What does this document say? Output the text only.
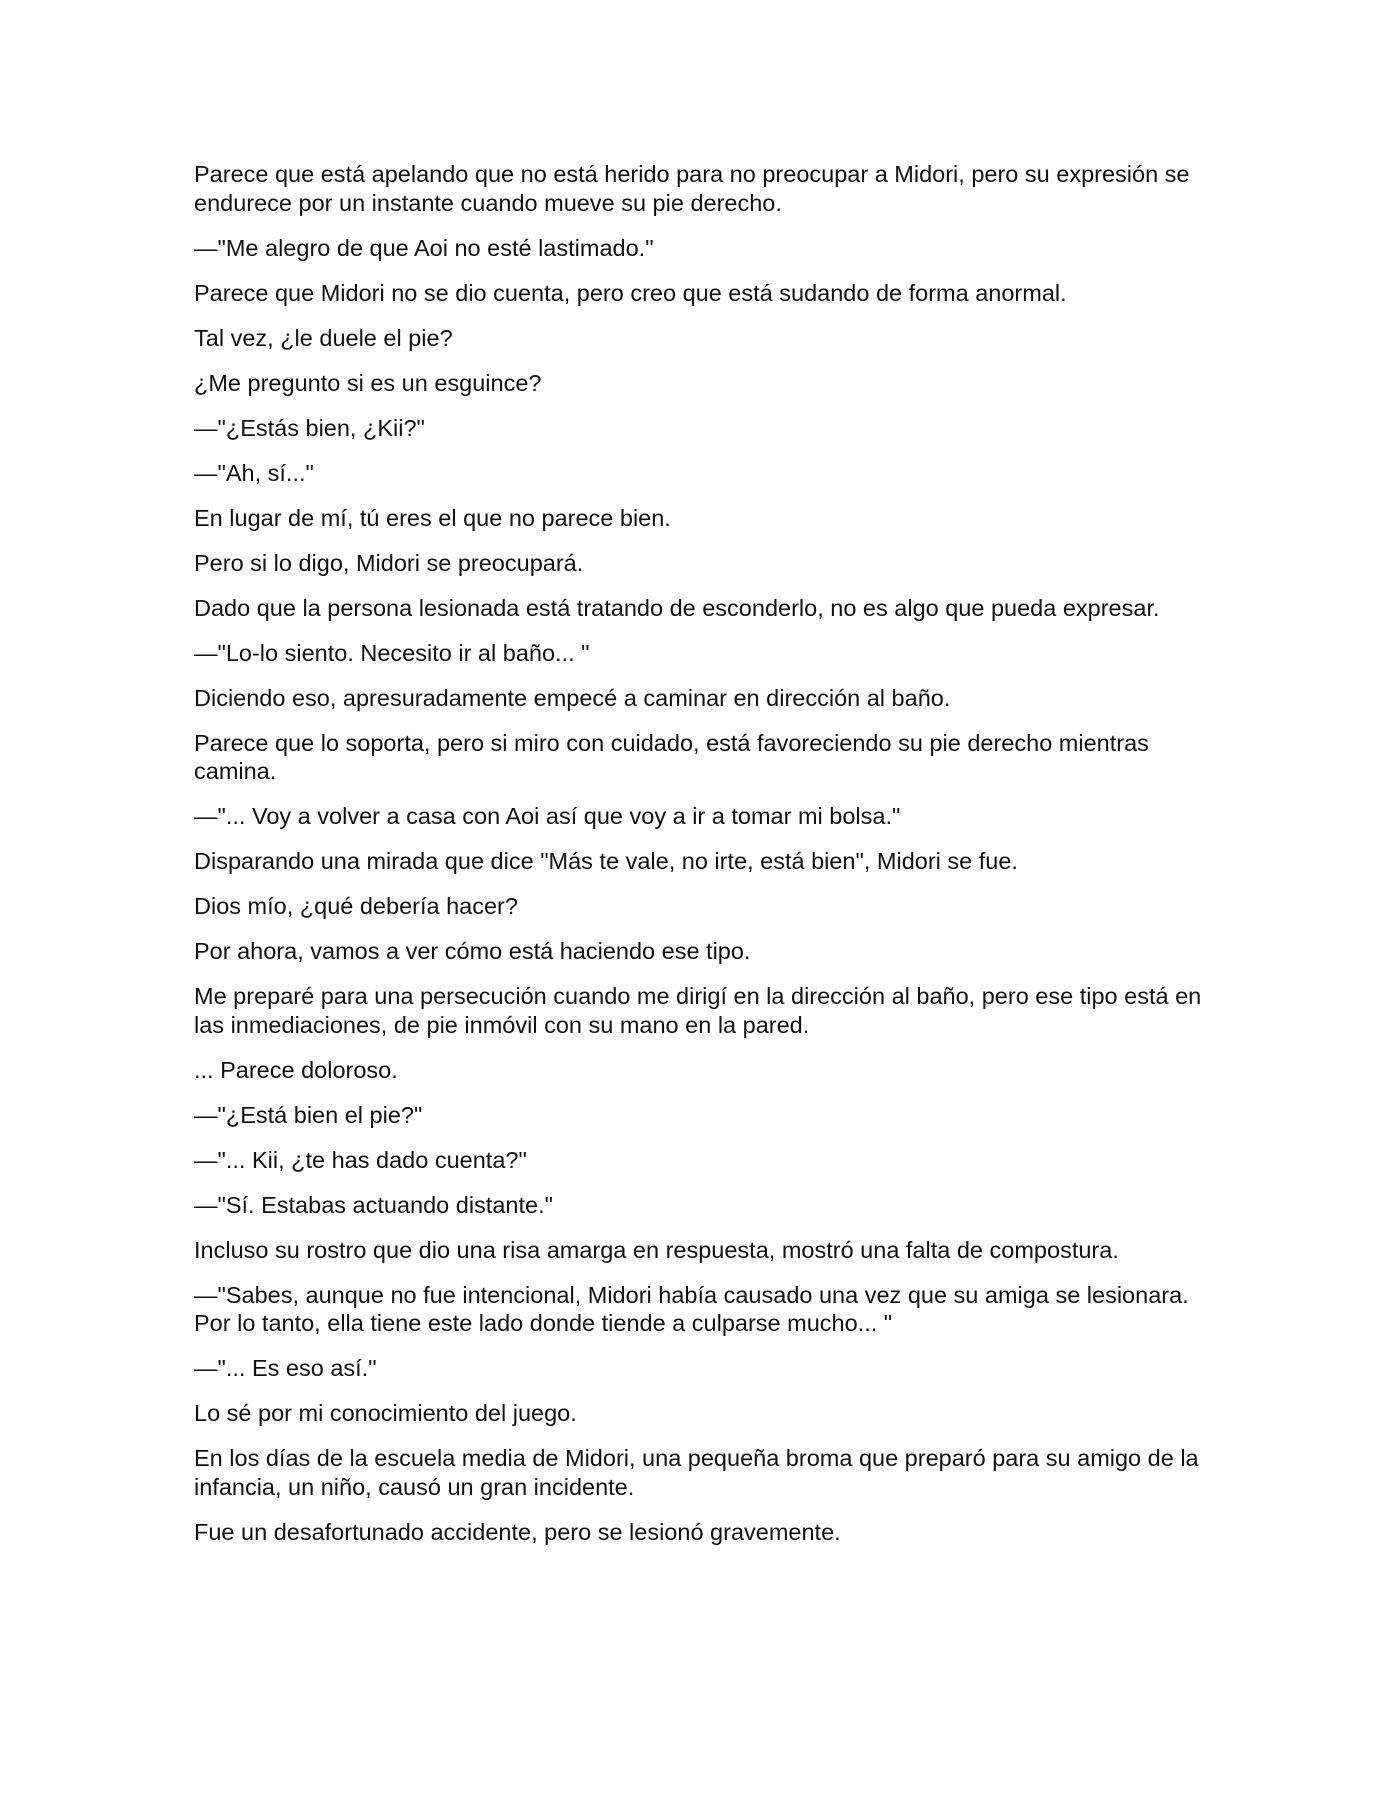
Parece que está apelando que no está herido para no preocupar a Midori, pero su expresión se endurece por un instante cuando mueve su pie derecho.

—"Me alegro de que Aoi no esté lastimado."

Parece que Midori no se dio cuenta, pero creo que está sudando de forma anormal.

Tal vez, ¿le duele el pie?

¿Me pregunto si es un esguince?

—"¿Estás bien, ¿Kii?"

—"Ah, sí..."

En lugar de mí, tú eres el que no parece bien.

Pero si lo digo, Midori se preocupará.

Dado que la persona lesionada está tratando de esconderlo, no es algo que pueda expresar.

—"Lo-lo siento. Necesito ir al baño... "

Diciendo eso, apresuradamente empecé a caminar en dirección al baño.

Parece que lo soporta, pero si miro con cuidado, está favoreciendo su pie derecho mientras camina.

—"... Voy a volver a casa con Aoi así que voy a ir a tomar mi bolsa."

Disparando una mirada que dice "Más te vale, no irte, está bien", Midori se fue.

Dios mío, ¿qué debería hacer?

Por ahora, vamos a ver cómo está haciendo ese tipo.

Me preparé para una persecución cuando me dirigí en la dirección al baño, pero ese tipo está en las inmediaciones, de pie inmóvil con su mano en la pared.

... Parece doloroso.

—"¿Está bien el pie?"

—"... Kii, ¿te has dado cuenta?"

—"Sí. Estabas actuando distante."

Incluso su rostro que dio una risa amarga en respuesta, mostró una falta de compostura.

—"Sabes, aunque no fue intencional, Midori había causado una vez que su amiga se lesionara. Por lo tanto, ella tiene este lado donde tiende a culparse mucho... "

—"... Es eso así."

Lo sé por mi conocimiento del juego.

En los días de la escuela media de Midori, una pequeña broma que preparó para su amigo de la infancia, un niño, causó un gran incidente.

Fue un desafortunado accidente, pero se lesionó gravemente.
